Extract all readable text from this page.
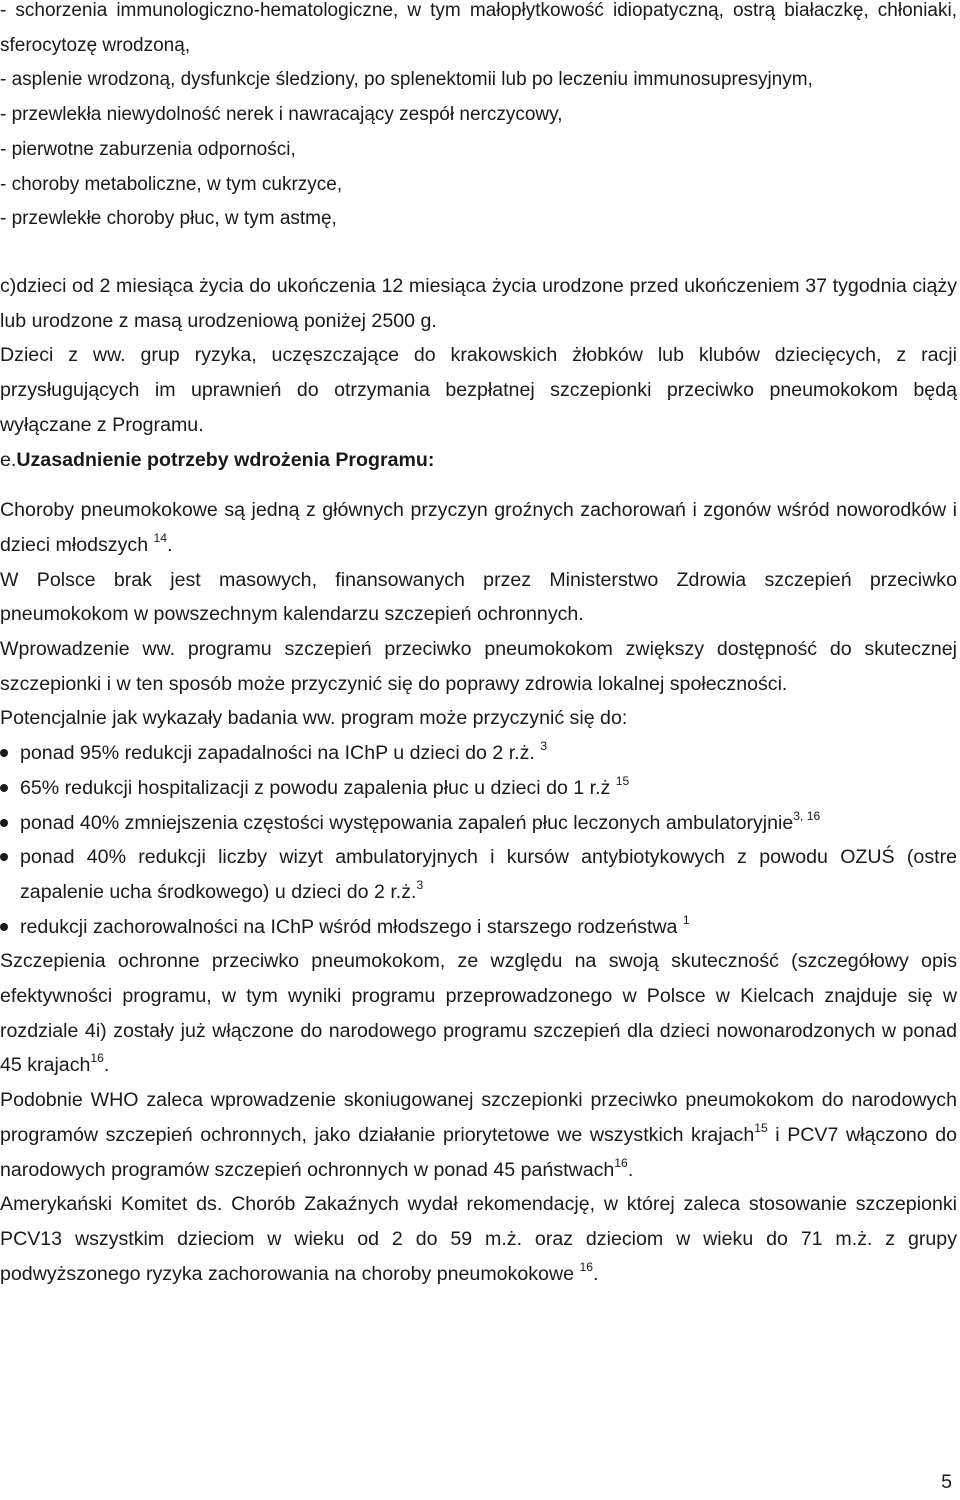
- schorzenia immunologiczno-hematologiczne, w tym małopłytkowość idiopatyczną, ostrą białaczkę, chłoniaki, sferocytozę wrodzoną,
- asplenie wrodzoną, dysfunkcje śledziony, po splenektomii lub po leczeniu immunosupresyjnym,
- przewlekła niewydolność nerek i nawracający zespół nerczycowy,
- pierwotne zaburzenia odporności,
- choroby metaboliczne, w tym cukrzyce,
- przewlekłe choroby płuc, w tym astmę,
c)dzieci od 2 miesiąca życia do ukończenia 12 miesiąca życia urodzone przed ukończeniem 37 tygodnia ciąży lub urodzone z masą urodzeniową poniżej 2500 g.
Dzieci z ww. grup ryzyka, uczęszczające do krakowskich żłobków lub klubów dziecięcych, z racji przysługujących im uprawnień do otrzymania bezpłatnej szczepionki przeciwko pneumokokom będą wyłączane z Programu.
e.Uzasadnienie potrzeby wdrożenia Programu:
Choroby pneumokokowe są jedną z głównych przyczyn groźnych zachorowań i zgonów wśród noworodków i dzieci młodszych $^{14}$.
W Polsce brak jest masowych, finansowanych przez Ministerstwo Zdrowia szczepień przeciwko pneumokokom w powszechnym kalendarzu szczepień ochronnych.
Wprowadzenie ww. programu szczepień przeciwko pneumokokom zwiększy dostępność do skutecznej szczepionki i w ten sposób może przyczynić się do poprawy zdrowia lokalnej społeczności.
Potencjalnie jak wykazały badania ww. program może przyczynić się do:
ponad 95% redukcji zapadalności na IChP u dzieci do 2 r.ż. $^3$
65% redukcji hospitalizacji z powodu zapalenia płuc u dzieci do 1 r.ż $^{15}$
ponad 40% zmniejszenia częstości występowania zapaleń płuc leczonych ambulatoryjnie$^{3, 16}$
ponad 40% redukcji liczby wizyt ambulatoryjnych i kursów antybiotykowych z powodu OZUŚ (ostre zapalenie ucha środkowego) u dzieci do 2 r.ż.$^3$
redukcji zachorowalności na IChP wśród młodszego i starszego rodzeństwa $^1$
Szczepienia ochronne przeciwko pneumokokom, ze względu na swoją skuteczność (szczegółowy opis efektywności programu, w tym wyniki programu przeprowadzonego w Polsce w Kielcach znajduje się w rozdziale 4i) zostały już włączone do narodowego programu szczepień dla dzieci nowonarodzonych w ponad 45 krajach$^{16}$.
Podobnie WHO zaleca wprowadzenie skoniugowanej szczepionki przeciwko pneumokokom do narodowych programów szczepień ochronnych, jako działanie priorytetowe we wszystkich krajach$^{15}$ i PCV7 włączono do narodowych programów szczepień ochronnych w ponad 45 państwach$^{16}$.
Amerykański Komitet ds. Chorób Zakaźnych wydał rekomendację, w której zaleca stosowanie szczepionki PCV13 wszystkim dzieciom w wieku od 2 do 59 m.ż. oraz dzieciom w wieku do 71 m.ż. z grupy podwyższonego ryzyka zachorowania na choroby pneumokokowe $^{16}$.
5
